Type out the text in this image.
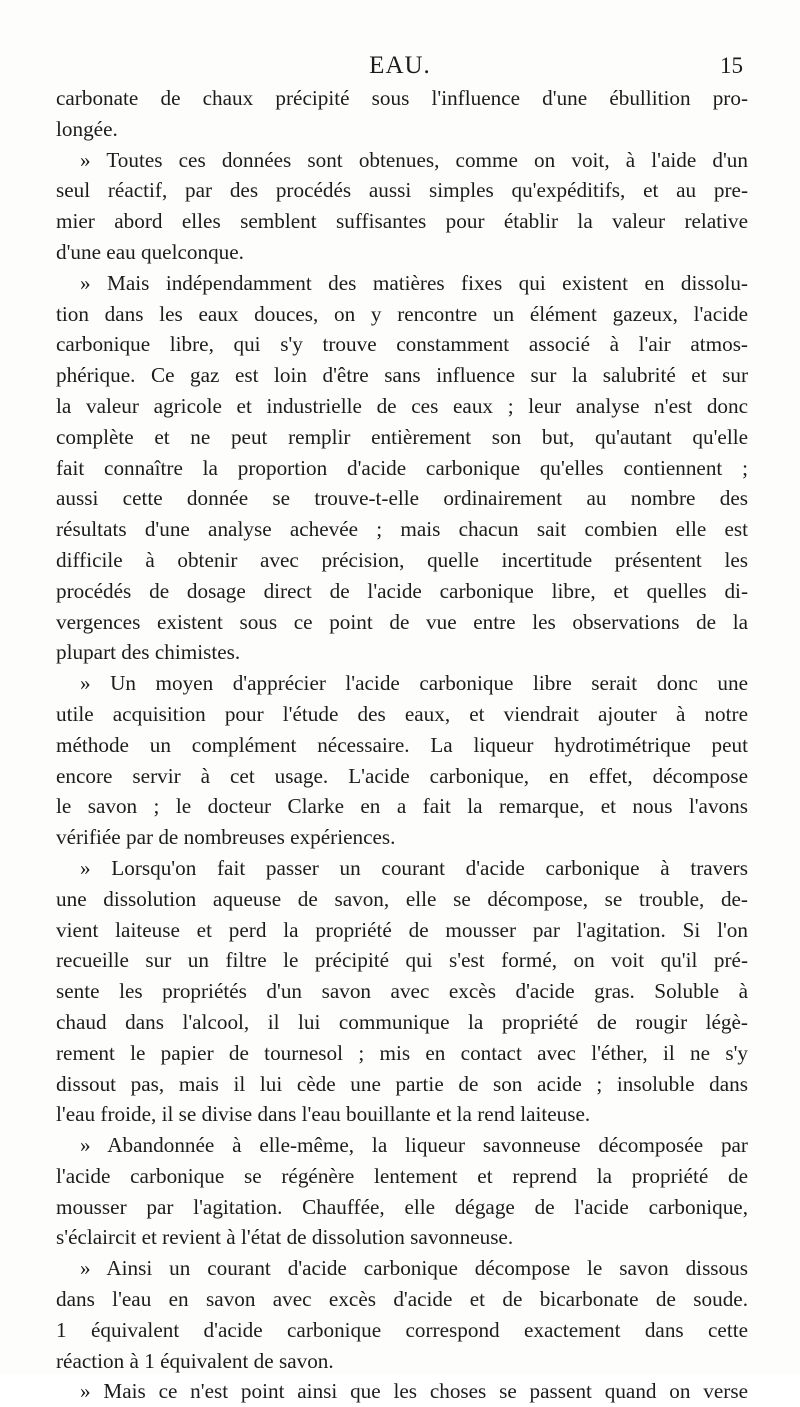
EAU.	15

carbonate de chaux précipité sous l'influence d'une ébullition pro-

longée.

» Toutes ces données sont obtenues, comme on voit, à l'aide d'un

seul réactif, par des procédés aussi simples qu'expéditifs, et au pre-

mier abord elles semblent suffisantes pour établir la valeur relative

d'une eau quelconque.

» Mais indépendamment des matières fixes qui existent en dissolu-

tion dans les eaux douces, on y rencontre un élément gazeux, l'acide

carbonique libre, qui s'y trouve constamment associé à l'air atmos-

phérique. Ce gaz est loin d'être sans influence sur la salubrité et sur

la valeur agricole et industrielle de ces eaux ; leur analyse n'est donc

complète et ne peut remplir entièrement son but, qu'autant qu'elle

fait connaître la proportion d'acide carbonique qu'elles contiennent ;

aussi cette donnée se trouve-t-elle ordinairement au nombre des

résultats d'une analyse achevée ; mais chacun sait combien elle est

difficile à obtenir avec précision, quelle incertitude présentent les

procédés de dosage direct de l'acide carbonique libre, et quelles di-

vergences existent sous ce point de vue entre les observations de la

plupart des chimistes.

» Un moyen d'apprécier l'acide carbonique libre serait donc une

utile acquisition pour l'étude des eaux, et viendrait ajouter à notre

méthode un complément nécessaire. La liqueur hydrotimétrique peut

encore servir à cet usage. L'acide carbonique, en effet, décompose

le savon ; le docteur Clarke en a fait la remarque, et nous l'avons

vérifiée par de nombreuses expériences.

» Lorsqu'on fait passer un courant d'acide carbonique à travers

une dissolution aqueuse de savon, elle se décompose, se trouble, de-

vient laiteuse et perd la propriété de mousser par l'agitation. Si l'on

recueille sur un filtre le précipité qui s'est formé, on voit qu'il pré-

sente les propriétés d'un savon avec excès d'acide gras. Soluble à

chaud dans l'alcool, il lui communique la propriété de rougir légè-

rement le papier de tournesol ; mis en contact avec l'éther, il ne s'y

dissout pas, mais il lui cède une partie de son acide ; insoluble dans

l'eau froide, il se divise dans l'eau bouillante et la rend laiteuse.

» Abandonnée à elle-même, la liqueur savonneuse décomposée par

l'acide carbonique se régénère lentement et reprend la propriété de

mousser par l'agitation. Chauffée, elle dégage de l'acide carbonique,

s'éclaircit et revient à l'état de dissolution savonneuse.

» Ainsi un courant d'acide carbonique décompose le savon dissous

dans l'eau en savon avec excès d'acide et de bicarbonate de soude.

1 équivalent d'acide carbonique correspond exactement dans cette

réaction à 1 équivalent de savon.

» Mais ce n'est point ainsi que les choses se passent quand on verse
